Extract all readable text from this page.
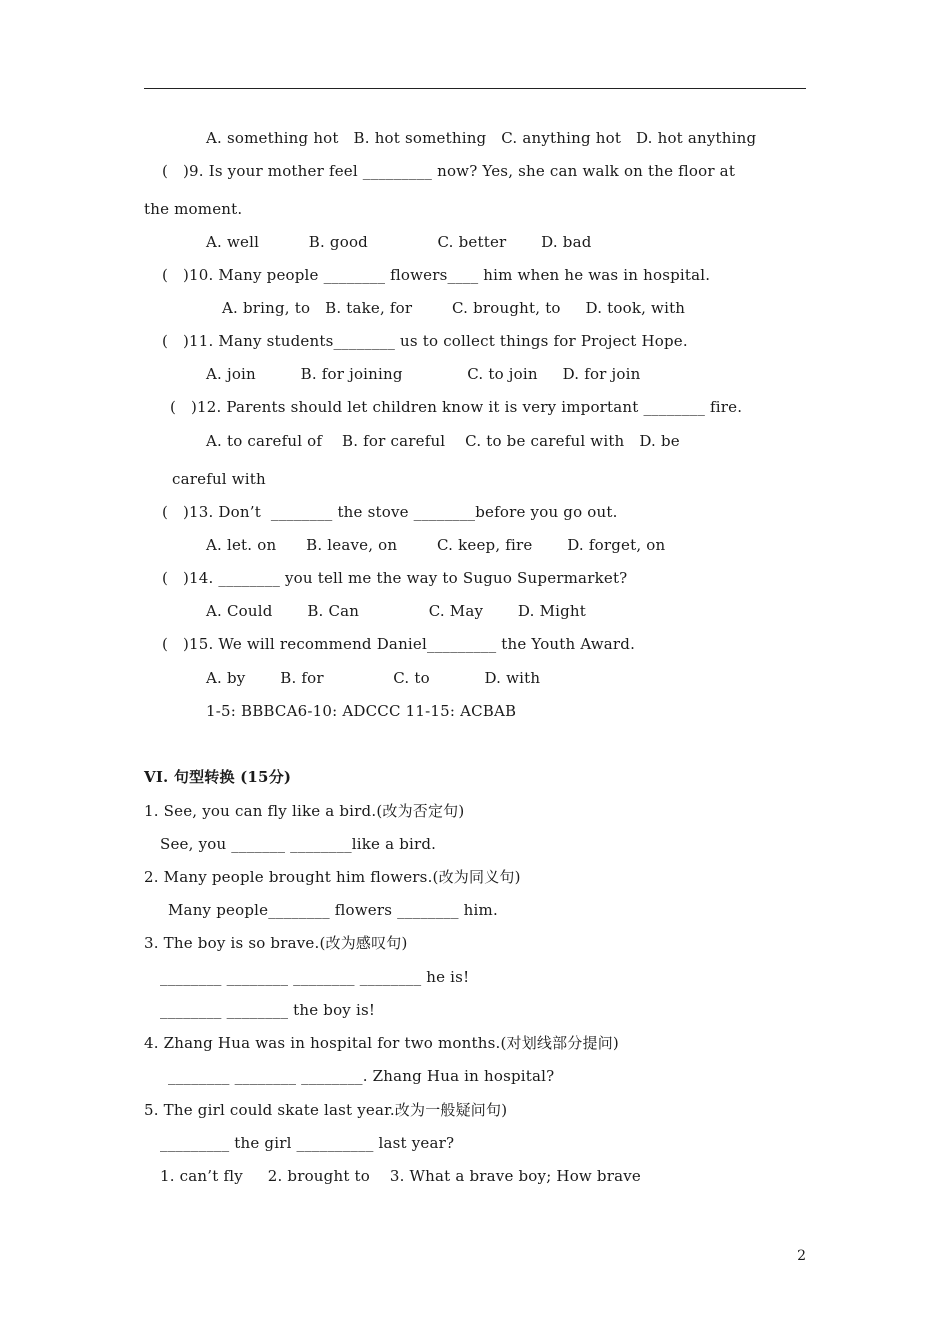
A. something hot   B. hot something   C. anything hot   D. hot anything
(   )9. Is your mother feel _________ now? Yes, she can walk on the floor at
the moment.
A. well          B. good              C. better       D. bad
(   )10. Many people ________ flowers____ him when he was in hospital.
A. bring, to   B. take, for        C. brought, to     D. took, with
(   )11. Many students________ us to collect things for Project Hope.
A. join         B. for joining             C. to join     D. for join
(   )12. Parents should let children know it is very important ________ fire.
A. to careful of    B. for careful    C. to be careful with   D. be
careful with
(   )13. Don’t  ________ the stove ________before you go out.
A. let. on      B. leave, on        C. keep, fire       D. forget, on
(   )14. ________ you tell me the way to Suguo Supermarket?
A. Could       B. Can              C. May       D. Might
(   )15. We will recommend Daniel_________ the Youth Award.
A. by       B. for              C. to           D. with
1-5: BBBCA6-10: ADCCC 11-15: ACBAB
VI. 句型转换 (15分)
1. See, you can fly like a bird.(改为否定句)
See, you _______ ________like a bird.
2. Many people brought him flowers.(改为同义句)
Many people________ flowers ________ him.
3. The boy is so brave.(改为感叹句)
________ ________ ________ ________ he is!
________ ________ the boy is!
4. Zhang Hua was in hospital for two months.(对划线部分提问)
________ ________ ________. Zhang Hua in hospital?
5. The girl could skate last year.改为一般疑问句)
_________ the girl __________ last year?
1. can’t fly     2. brought to    3. What a brave boy; How brave
2
